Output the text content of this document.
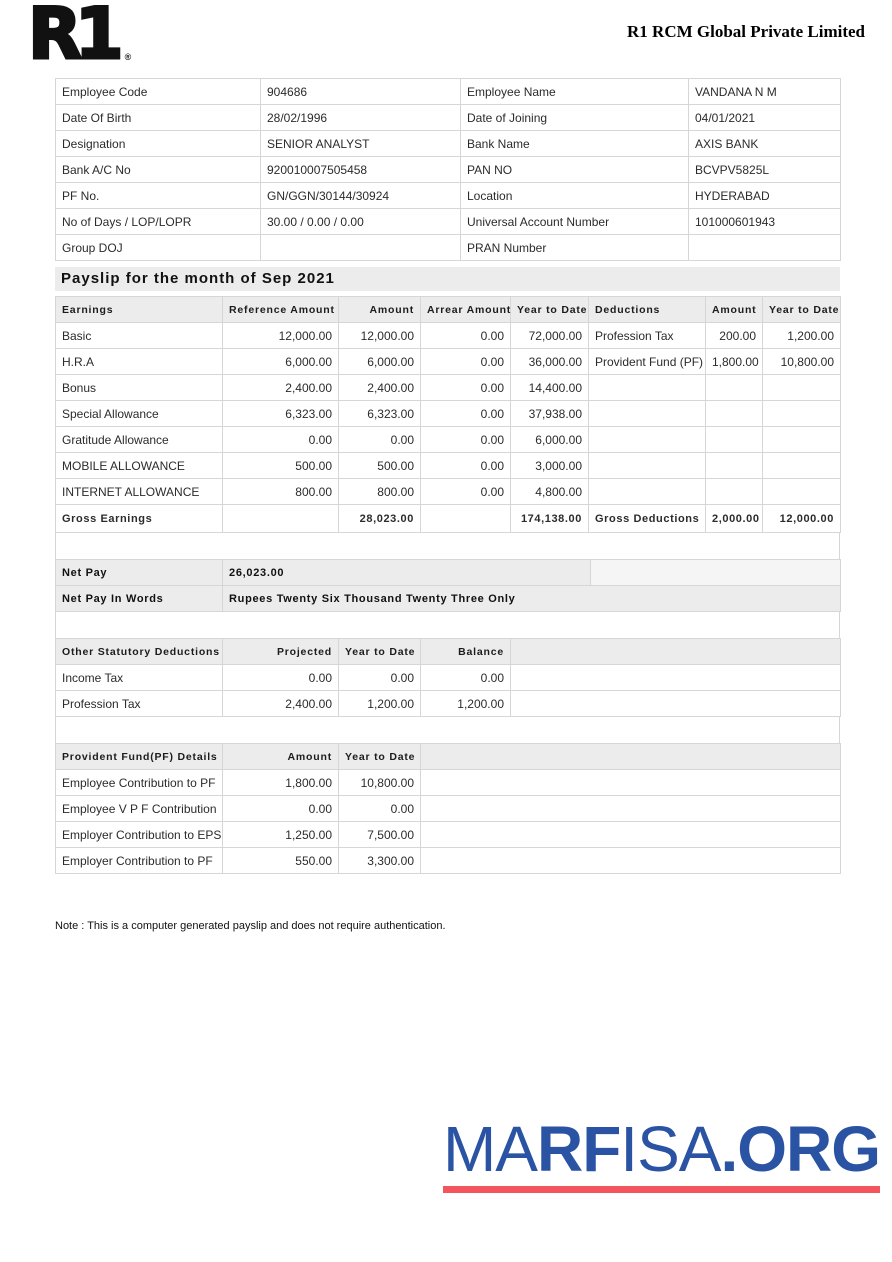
R1 ®
R1 RCM Global Private Limited
Employee Code	904686	Employee Name	VANDANA N M
Date Of Birth	28/02/1996	Date of Joining	04/01/2021
Designation	SENIOR ANALYST	Bank Name	AXIS BANK
Bank A/C No	920010007505458	PAN NO	BCVPV5825L
PF No.	GN/GGN/30144/30924	Location	HYDERABAD
No of Days / LOP/LOPR	30.00 / 0.00 / 0.00	Universal Account Number	101000601943
Group DOJ		PRAN Number	
Payslip for the month of Sep 2021
Earnings	Reference Amount	Amount	Arrear Amount	Year to Date	Deductions	Amount	Year to Date
Basic	12,000.00	12,000.00	0.00	72,000.00	Profession Tax	200.00	1,200.00
H.R.A	6,000.00	6,000.00	0.00	36,000.00	Provident Fund (PF)	1,800.00	10,800.00
Bonus	2,400.00	2,400.00	0.00	14,400.00			
Special Allowance	6,323.00	6,323.00	0.00	37,938.00			
Gratitude Allowance	0.00	0.00	0.00	6,000.00			
MOBILE ALLOWANCE	500.00	500.00	0.00	3,000.00			
INTERNET ALLOWANCE	800.00	800.00	0.00	4,800.00			
Gross Earnings		28,023.00		174,138.00	Gross Deductions	2,000.00	12,000.00
Net Pay	26,023.00	
Net Pay In Words	Rupees Twenty Six Thousand Twenty Three Only	
Other Statutory Deductions	Projected	Year to Date	Balance	
Income Tax	0.00	0.00	0.00	
Profession Tax	2,400.00	1,200.00	1,200.00	
Provident Fund(PF) Details	Amount	Year to Date	
Employee Contribution to PF	1,800.00	10,800.00	
Employee V P F Contribution	0.00	0.00	
Employer Contribution to EPS	1,250.00	7,500.00	
Employer Contribution to PF	550.00	3,300.00	
Note : This is a computer generated payslip and does not require authentication.
MARFISA.ORG
